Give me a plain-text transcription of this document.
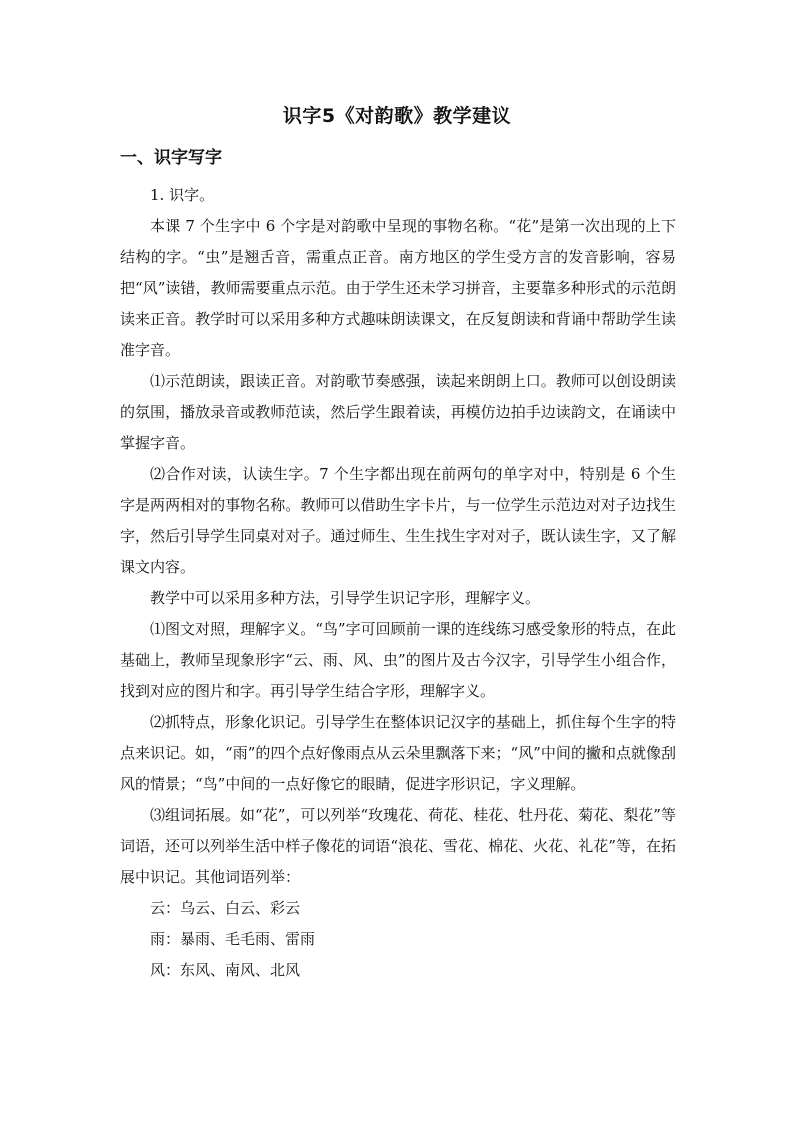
识字5《对韵歌》教学建议
一、识字写字

1. 识字。

本课 7 个生字中 6 个字是对韵歌中呈现的事物名称。“花”是第一次出现的上下结构的字。“虫”是翘舌音，需重点正音。南方地区的学生受方言的发音影响，容易把“风”读错，教师需要重点示范。由于学生还未学习拼音，主要靠多种形式的示范朗读来正音。教学时可以采用多种方式趣味朗读课文，在反复朗读和背诵中帮助学生读准字音。

⑴示范朗读，跟读正音。对韵歌节奏感强，读起来朗朗上口。教师可以创设朗读的氛围，播放录音或教师范读，然后学生跟着读，再模仿边拍手边读韵文，在诵读中掌握字音。

⑵合作对读，认读生字。7 个生字都出现在前两句的单字对中，特别是 6 个生字是两两相对的事物名称。教师可以借助生字卡片，与一位学生示范边对对子边找生字，然后引导学生同桌对对子。通过师生、生生找生字对对子，既认读生字，又了解课文内容。

教学中可以采用多种方法，引导学生识记字形，理解字义。

⑴图文对照，理解字义。“鸟”字可回顾前一课的连线练习感受象形的特点，在此基础上，教师呈现象形字“云、雨、风、虫”的图片及古今汉字，引导学生小组合作，找到对应的图片和字。再引导学生结合字形，理解字义。

⑵抓特点，形象化识记。引导学生在整体识记汉字的基础上，抓住每个生字的特点来识记。如，“雨”的四个点好像雨点从云朵里飘落下来；“风”中间的撇和点就像刮风的情景；“鸟”中间的一点好像它的眼睛，促进字形识记，字义理解。

⑶组词拓展。如“花”，可以列举“玫瑰花、荷花、桂花、牡丹花、菊花、梨花”等词语，还可以列举生活中样子像花的词语“浪花、雪花、棉花、火花、礼花”等，在拓展中识记。其他词语列举：

云：乌云、白云、彩云

雨：暴雨、毛毛雨、雷雨

风：东风、南风、北风
